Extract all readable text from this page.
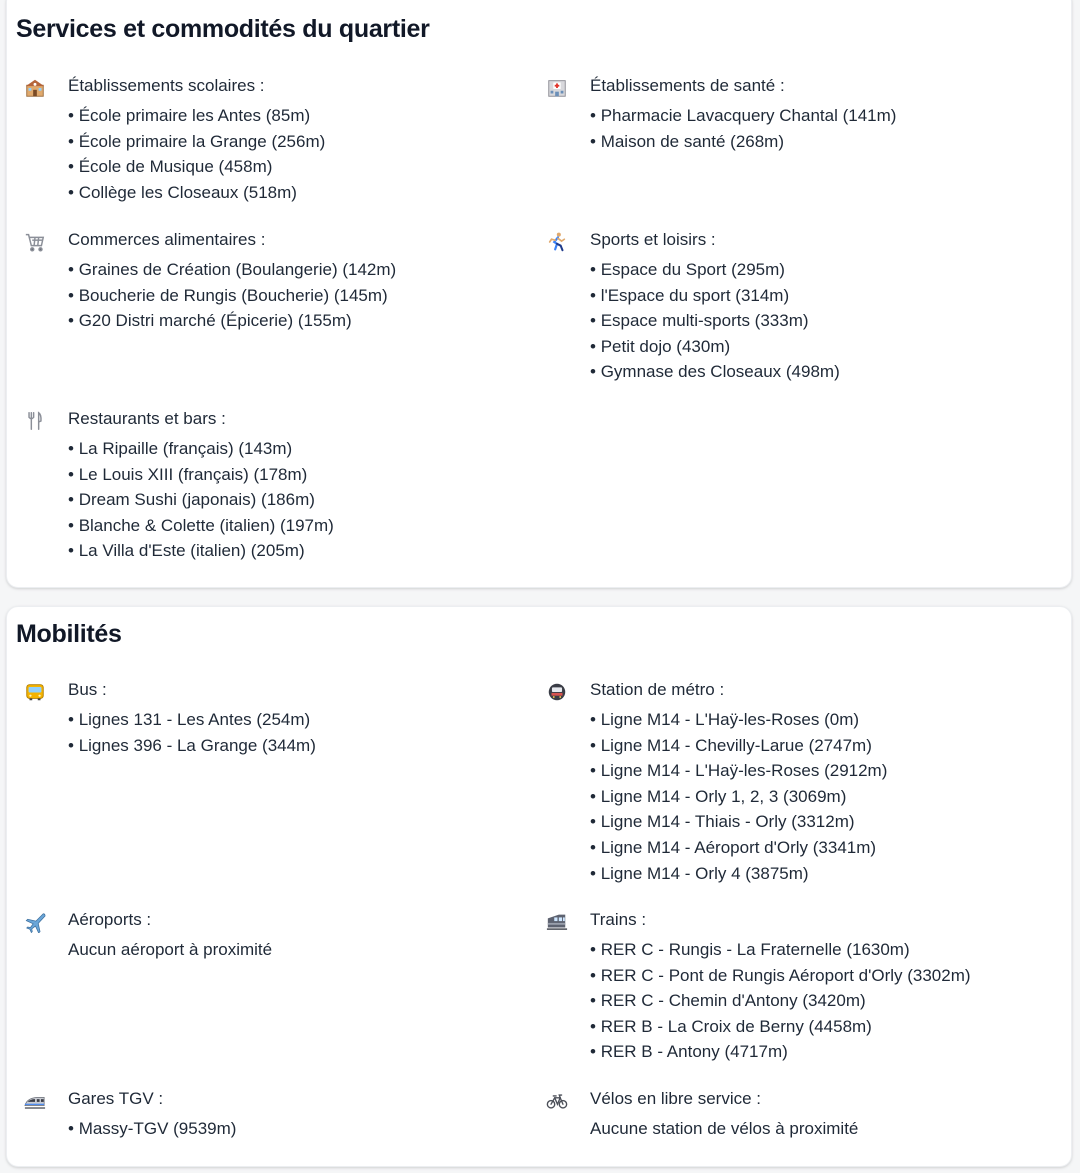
Services et commodités du quartier
Établissements scolaires :
• École primaire les Antes (85m)
• École primaire la Grange (256m)
• École de Musique (458m)
• Collège les Closeaux (518m)
Établissements de santé :
• Pharmacie Lavacquery Chantal (141m)
• Maison de santé (268m)
Commerces alimentaires :
• Graines de Création (Boulangerie) (142m)
• Boucherie de Rungis (Boucherie) (145m)
• G20 Distri marché (Épicerie) (155m)
Sports et loisirs :
• Espace du Sport (295m)
• l'Espace du sport (314m)
• Espace multi-sports (333m)
• Petit dojo (430m)
• Gymnase des Closeaux (498m)
Restaurants et bars :
• La Ripaille (français) (143m)
• Le Louis XIII (français) (178m)
• Dream Sushi (japonais) (186m)
• Blanche & Colette (italien) (197m)
• La Villa d'Este (italien) (205m)
Mobilités
Bus :
• Lignes 131 - Les Antes (254m)
• Lignes 396 - La Grange (344m)
Station de métro :
• Ligne M14 - L'Haÿ-les-Roses (0m)
• Ligne M14 - Chevilly-Larue (2747m)
• Ligne M14 - L'Haÿ-les-Roses (2912m)
• Ligne M14 - Orly 1, 2, 3 (3069m)
• Ligne M14 - Thiais - Orly (3312m)
• Ligne M14 - Aéroport d'Orly (3341m)
• Ligne M14 - Orly 4 (3875m)
Aéroports :
Aucun aéroport à proximité
Trains :
• RER C - Rungis - La Fraternelle (1630m)
• RER C - Pont de Rungis Aéroport d'Orly (3302m)
• RER C - Chemin d'Antony (3420m)
• RER B - La Croix de Berny (4458m)
• RER B - Antony (4717m)
Gares TGV :
• Massy-TGV (9539m)
Vélos en libre service :
Aucune station de vélos à proximité
